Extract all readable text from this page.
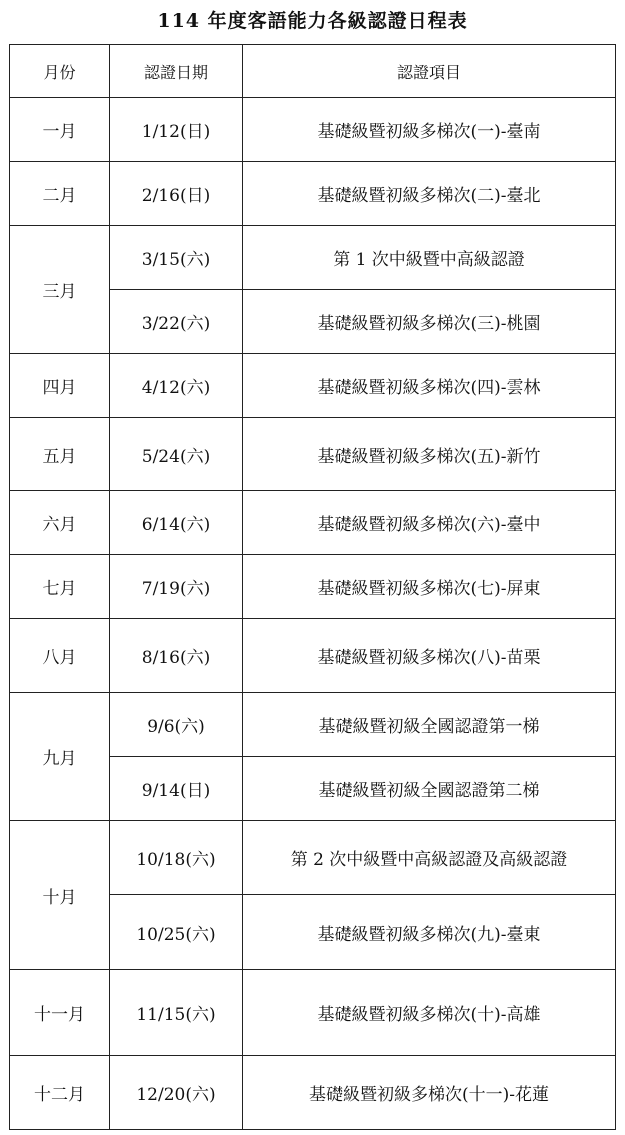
114 年度客語能力各級認證日程表
月份	認證日期	認證項目
一月	1/12(日)	基礎級暨初級多梯次(一)-臺南
二月	2/16(日)	基礎級暨初級多梯次(二)-臺北
三月	3/15(六)	第 1 次中級暨中高級認證
	3/22(六)	基礎級暨初級多梯次(三)-桃園
四月	4/12(六)	基礎級暨初級多梯次(四)-雲林
五月	5/24(六)	基礎級暨初級多梯次(五)-新竹
六月	6/14(六)	基礎級暨初級多梯次(六)-臺中
七月	7/19(六)	基礎級暨初級多梯次(七)-屏東
八月	8/16(六)	基礎級暨初級多梯次(八)-苗栗
九月	9/6(六)	基礎級暨初級全國認證第一梯
	9/14(日)	基礎級暨初級全國認證第二梯
十月	10/18(六)	第 2 次中級暨中高級認證及高級認證
	10/25(六)	基礎級暨初級多梯次(九)-臺東
十一月	11/15(六)	基礎級暨初級多梯次(十)-高雄
十二月	12/20(六)	基礎級暨初級多梯次(十一)-花蓮
